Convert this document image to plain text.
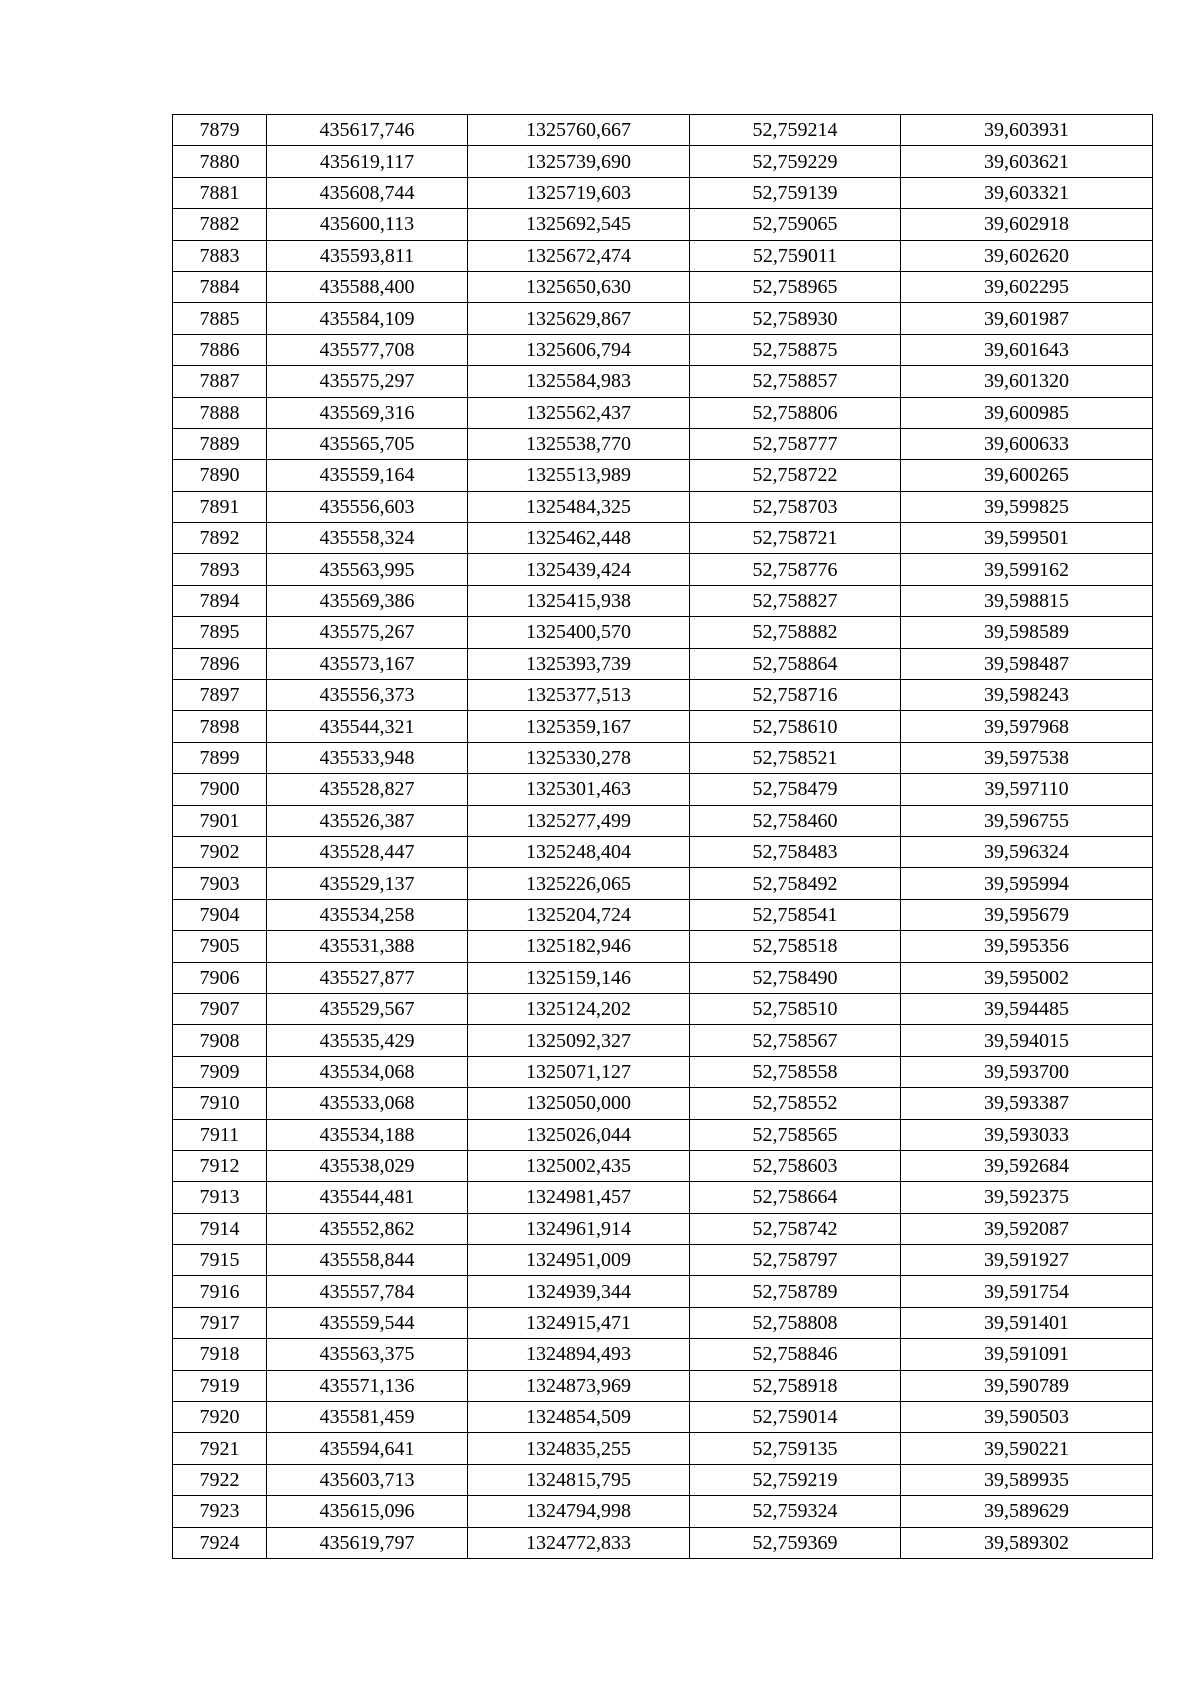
7879	435617,746	1325760,667	52,759214	39,603931
7880	435619,117	1325739,690	52,759229	39,603621
7881	435608,744	1325719,603	52,759139	39,603321
7882	435600,113	1325692,545	52,759065	39,602918
7883	435593,811	1325672,474	52,759011	39,602620
7884	435588,400	1325650,630	52,758965	39,602295
7885	435584,109	1325629,867	52,758930	39,601987
7886	435577,708	1325606,794	52,758875	39,601643
7887	435575,297	1325584,983	52,758857	39,601320
7888	435569,316	1325562,437	52,758806	39,600985
7889	435565,705	1325538,770	52,758777	39,600633
7890	435559,164	1325513,989	52,758722	39,600265
7891	435556,603	1325484,325	52,758703	39,599825
7892	435558,324	1325462,448	52,758721	39,599501
7893	435563,995	1325439,424	52,758776	39,599162
7894	435569,386	1325415,938	52,758827	39,598815
7895	435575,267	1325400,570	52,758882	39,598589
7896	435573,167	1325393,739	52,758864	39,598487
7897	435556,373	1325377,513	52,758716	39,598243
7898	435544,321	1325359,167	52,758610	39,597968
7899	435533,948	1325330,278	52,758521	39,597538
7900	435528,827	1325301,463	52,758479	39,597110
7901	435526,387	1325277,499	52,758460	39,596755
7902	435528,447	1325248,404	52,758483	39,596324
7903	435529,137	1325226,065	52,758492	39,595994
7904	435534,258	1325204,724	52,758541	39,595679
7905	435531,388	1325182,946	52,758518	39,595356
7906	435527,877	1325159,146	52,758490	39,595002
7907	435529,567	1325124,202	52,758510	39,594485
7908	435535,429	1325092,327	52,758567	39,594015
7909	435534,068	1325071,127	52,758558	39,593700
7910	435533,068	1325050,000	52,758552	39,593387
7911	435534,188	1325026,044	52,758565	39,593033
7912	435538,029	1325002,435	52,758603	39,592684
7913	435544,481	1324981,457	52,758664	39,592375
7914	435552,862	1324961,914	52,758742	39,592087
7915	435558,844	1324951,009	52,758797	39,591927
7916	435557,784	1324939,344	52,758789	39,591754
7917	435559,544	1324915,471	52,758808	39,591401
7918	435563,375	1324894,493	52,758846	39,591091
7919	435571,136	1324873,969	52,758918	39,590789
7920	435581,459	1324854,509	52,759014	39,590503
7921	435594,641	1324835,255	52,759135	39,590221
7922	435603,713	1324815,795	52,759219	39,589935
7923	435615,096	1324794,998	52,759324	39,589629
7924	435619,797	1324772,833	52,759369	39,589302
